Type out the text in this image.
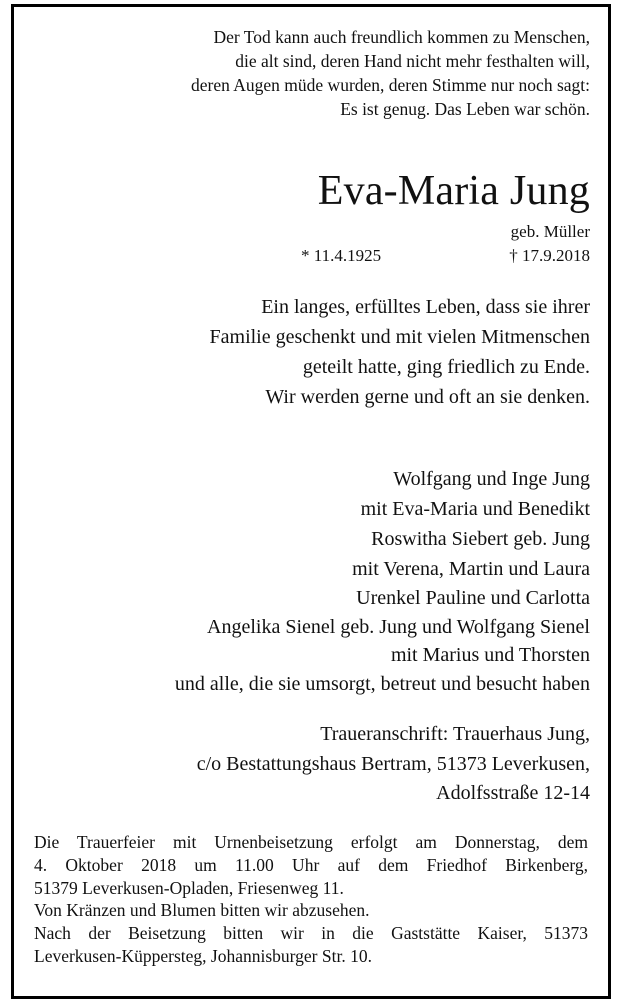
Der Tod kann auch freundlich kommen zu Menschen,
die alt sind, deren Hand nicht mehr festhalten will,
deren Augen müde wurden, deren Stimme nur noch sagt:
Es ist genug. Das Leben war schön.
Eva-Maria Jung
geb. Müller
* 11.4.1925	† 17.9.2018
Ein langes, erfülltes Leben, dass sie ihrer
Familie geschenkt und mit vielen Mitmenschen
geteilt hatte, ging friedlich zu Ende.
Wir werden gerne und oft an sie denken.
Wolfgang und Inge Jung
mit Eva-Maria und Benedikt
Roswitha Siebert geb. Jung
mit Verena, Martin und Laura
Urenkel Pauline und Carlotta
Angelika Sienel geb. Jung und Wolfgang Sienel
mit Marius und Thorsten
und alle, die sie umsorgt, betreut und besucht haben
Traueranschrift: Trauerhaus Jung,
c/o Bestattungshaus Bertram, 51373 Leverkusen,
Adolfsstraße 12-14
Die Trauerfeier mit Urnenbeisetzung erfolgt am Donnerstag, dem
4. Oktober 2018 um 11.00 Uhr auf dem Friedhof Birkenberg,
51379 Leverkusen-Opladen, Friesenweg 11.
Von Kränzen und Blumen bitten wir abzusehen.
Nach der Beisetzung bitten wir in die Gaststätte Kaiser, 51373
Leverkusen-Küppersteg, Johannisburger Str. 10.
